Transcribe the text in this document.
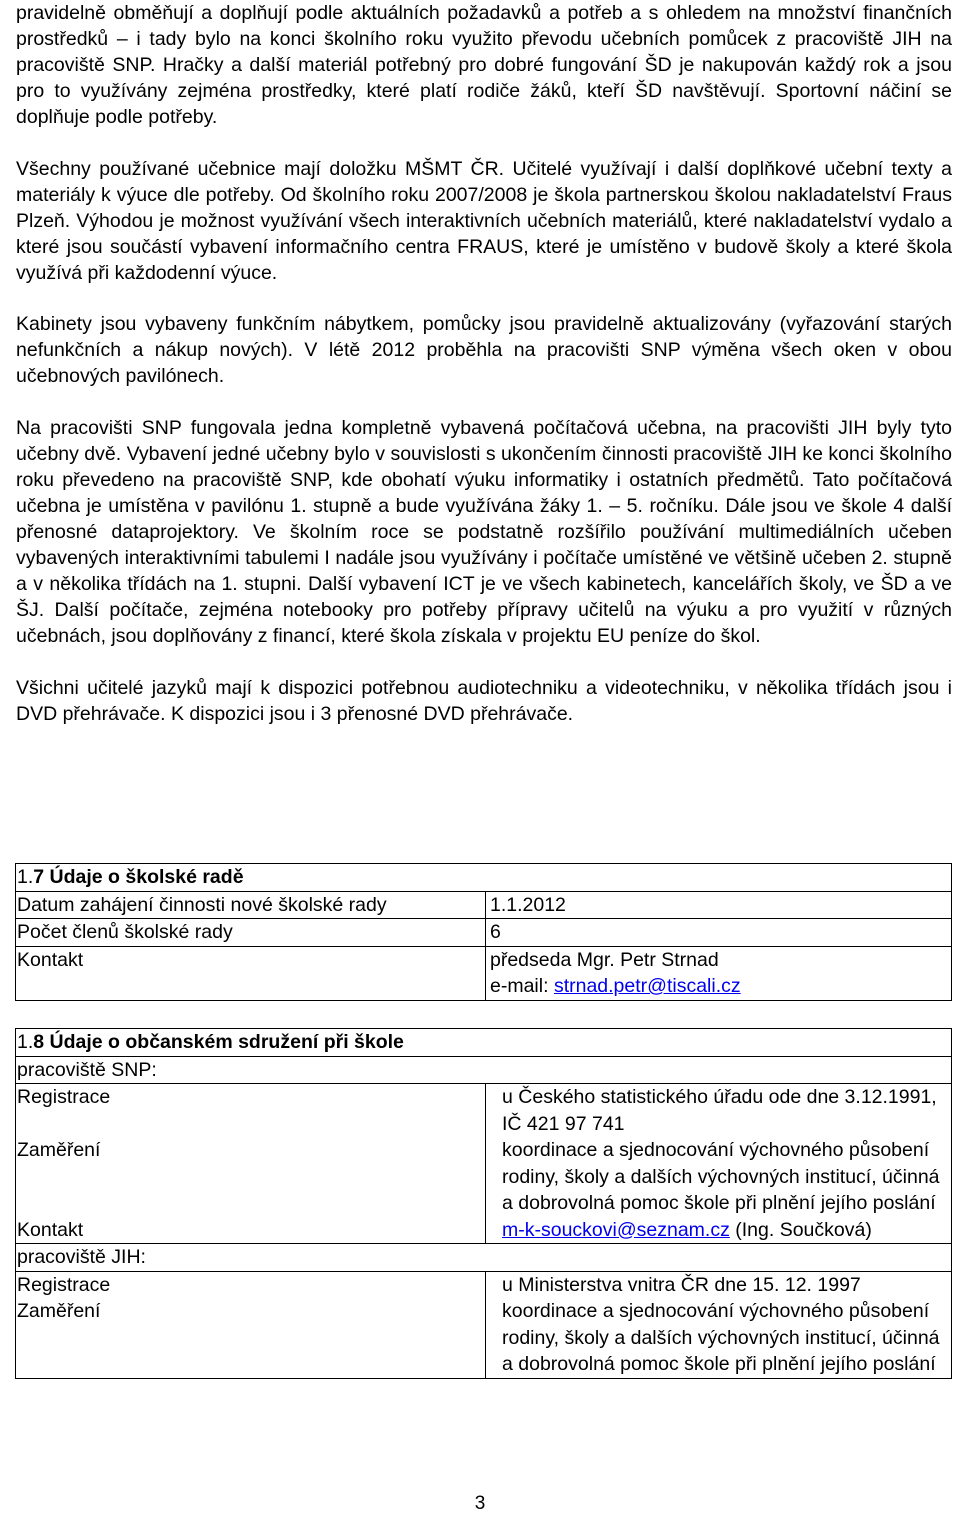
pravidelně obměňují a doplňují podle aktuálních požadavků a potřeb a s ohledem na množství finančních prostředků – i tady bylo na konci školního roku využito převodu učebních pomůcek z pracoviště JIH na pracoviště SNP. Hračky a další materiál potřebný pro dobré fungování ŠD je nakupován každý rok a jsou pro to využívány zejména prostředky, které platí rodiče žáků, kteří ŠD navštěvují. Sportovní náčiní se doplňuje podle potřeby.

Všechny používané učebnice mají doložku MŠMT ČR. Učitelé využívají i další doplňkové učební texty a materiály k výuce dle potřeby. Od školního roku 2007/2008 je škola partnerskou školou nakladatelství Fraus Plzeň. Výhodou je možnost využívání všech interaktivních učebních materiálů, které nakladatelství vydalo a které jsou součástí vybavení informačního centra FRAUS, které je umístěno v budově školy a které škola využívá při každodenní výuce.

Kabinety jsou vybaveny funkčním nábytkem, pomůcky jsou pravidelně aktualizovány (vyřazování starých nefunkčních a nákup nových). V létě 2012 proběhla na pracovišti SNP výměna všech oken v obou učebnových pavilónech.

Na pracovišti SNP fungovala jedna kompletně vybavená počítačová učebna, na pracovišti JIH byly tyto učebny dvě. Vybavení jedné učebny bylo v souvislosti s ukončením činnosti pracoviště JIH ke konci školního roku převedeno na pracoviště SNP, kde obohatí výuku informatiky i ostatních předmětů. Tato počítačová učebna je umístěna v pavilónu 1. stupně a bude využívána žáky 1. – 5. ročníku. Dále jsou ve škole 4 další přenosné dataprojektory. Ve školním roce se podstatně rozšířilo používání multimediálních učeben vybavených interaktivními tabulemi I nadále jsou využívány i počítače umístěné ve většině učeben 2. stupně a v několika třídách na 1. stupni. Další vybavení ICT je ve všech kabinetech, kancelářích školy, ve ŠD a ve ŠJ. Další počítače, zejména notebooky pro potřeby přípravy učitelů na výuku a pro využití v různých učebnách, jsou doplňovány z financí, které škola získala v projektu EU peníze do škol.

Všichni učitelé jazyků mají k dispozici potřebnou audiotechniku a videotechniku, v několika třídách jsou i DVD přehrávače. K dispozici jsou i 3 přenosné DVD přehrávače.

1.7 Údaje o školské radě	
Datum zahájení činnosti nové školské rady	1.1.2012
Počet členů školské rady	6
Kontakt	předseda Mgr. Petr Strnad
e-mail: strnad.petr@tiscali.cz
1.8 Údaje o občanském sdružení při škole	
pracoviště SNP:	
Registrace	u Českého statistického úřadu ode dne 3.12.1991, IČ 421 97 741
Zaměření	koordinace a sjednocování výchovného působení rodiny, školy a dalších výchovných institucí, účinná a dobrovolná pomoc škole při plnění jejího poslání
Kontakt	m-k-souckovi@seznam.cz (Ing. Součková)
pracoviště JIH:	
Registrace	u Ministerstva vnitra ČR dne 15. 12. 1997
Zaměření	koordinace a sjednocování výchovného působení rodiny, školy a dalších výchovných institucí, účinná a dobrovolná pomoc škole při plnění jejího poslání
3
